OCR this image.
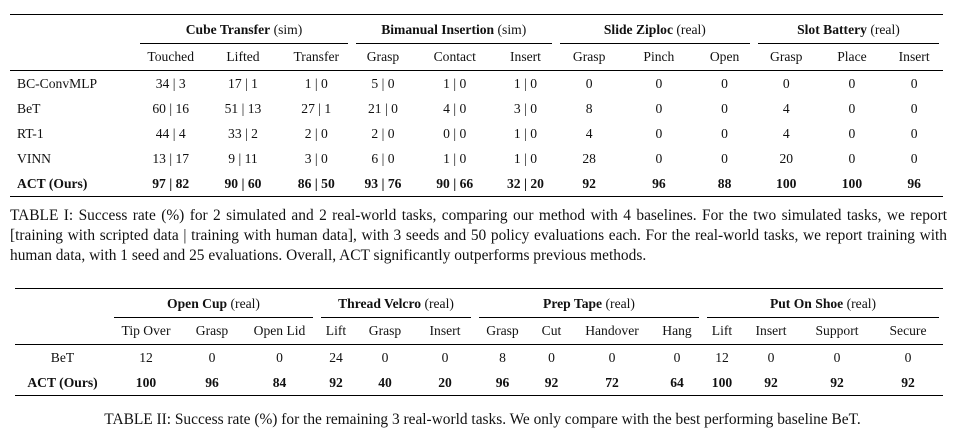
	Cube Transfer (sim)			Bimanual Insertion (sim)			Slide Ziploc (real)			Slot Battery (real)		
	Touched	Lifted	Transfer	Grasp	Contact	Insert	Grasp	Pinch	Open	Grasp	Place	Insert
BC-ConvMLP	34 | 3	17 | 1	1 | 0	5 | 0	1 | 0	1 | 0	0	0	0	0	0	0
BeT	60 | 16	51 | 13	27 | 1	21 | 0	4 | 0	3 | 0	8	0	0	4	0	0
RT-1	44 | 4	33 | 2	2 | 0	2 | 0	0 | 0	1 | 0	4	0	0	4	0	0
VINN	13 | 17	9 | 11	3 | 0	6 | 0	1 | 0	1 | 0	28	0	0	20	0	0
ACT (Ours)	97 | 82	90 | 60	86 | 50	93 | 76	90 | 66	32 | 20	92	96	88	100	100	96
TABLE I: Success rate (%) for 2 simulated and 2 real-world tasks, comparing our method with 4 baselines. For the two simulated tasks, we report [training with scripted data | training with human data], with 3 seeds and 50 policy evaluations each. For the real-world tasks, we report training with human data, with 1 seed and 25 evaluations. Overall, ACT significantly outperforms previous methods.
	Open Cup (real)			Thread Velcro (real)			Prep Tape (real)				Put On Shoe (real)			
	Tip Over	Grasp	Open Lid	Lift	Grasp	Insert	Grasp	Cut	Handover	Hang	Lift	Insert	Support	Secure
BeT	12	0	0	24	0	0	8	0	0	0	12	0	0	0
ACT (Ours)	100	96	84	92	40	20	96	92	72	64	100	92	92	92
TABLE II: Success rate (%) for the remaining 3 real-world tasks. We only compare with the best performing baseline BeT.
